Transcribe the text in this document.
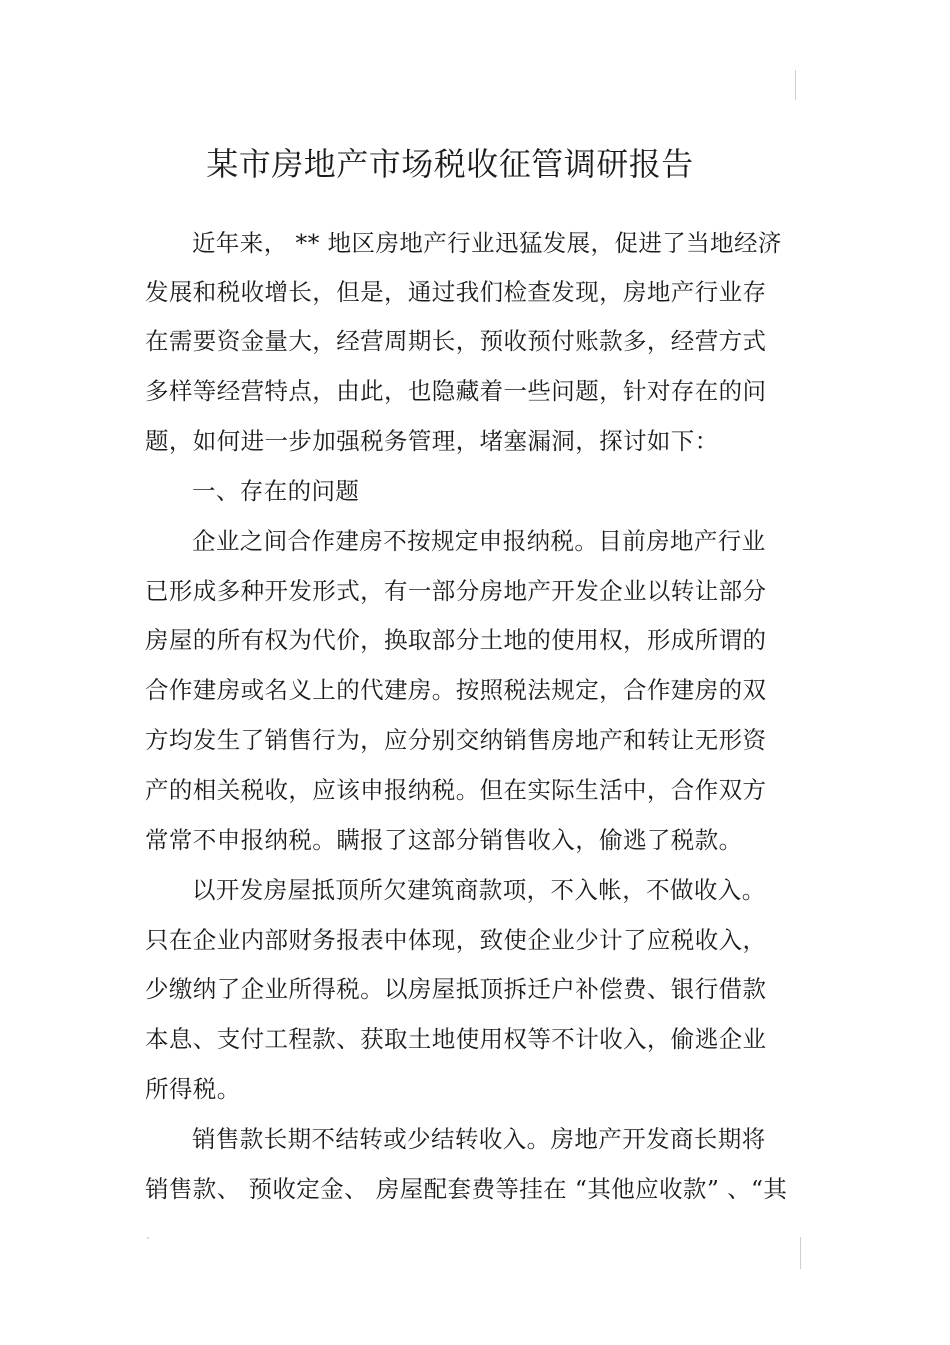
某市房地产市场税收征管调研报告
近年来， ** 地区房地产行业迅猛发展，促进了当地经济
发展和税收增长，但是，通过我们检查发现，房地产行业存
在需要资金量大，经营周期长，预收预付账款多，经营方式
多样等经营特点，由此，也隐藏着一些问题，针对存在的问
题，如何进一步加强税务管理，堵塞漏洞，探讨如下：
一、存在的问题
企业之间合作建房不按规定申报纳税。目前房地产行业
已形成多种开发形式，有一部分房地产开发企业以转让部分
房屋的所有权为代价，换取部分土地的使用权，形成所谓的
合作建房或名义上的代建房。按照税法规定，合作建房的双
方均发生了销售行为，应分别交纳销售房地产和转让无形资
产的相关税收，应该申报纳税。但在实际生活中，合作双方
常常不申报纳税。瞒报了这部分销售收入，偷逃了税款。
以开发房屋抵顶所欠建筑商款项，不入帐，不做收入。
只在企业内部财务报表中体现，致使企业少计了应税收入，
少缴纳了企业所得税。以房屋抵顶拆迁户补偿费、银行借款
本息、支付工程款、获取土地使用权等不计收入，偷逃企业
所得税。
销售款长期不结转或少结转收入。房地产开发商长期将
销售款、 预收定金、 房屋配套费等挂在 “其他应收款” 、“其
